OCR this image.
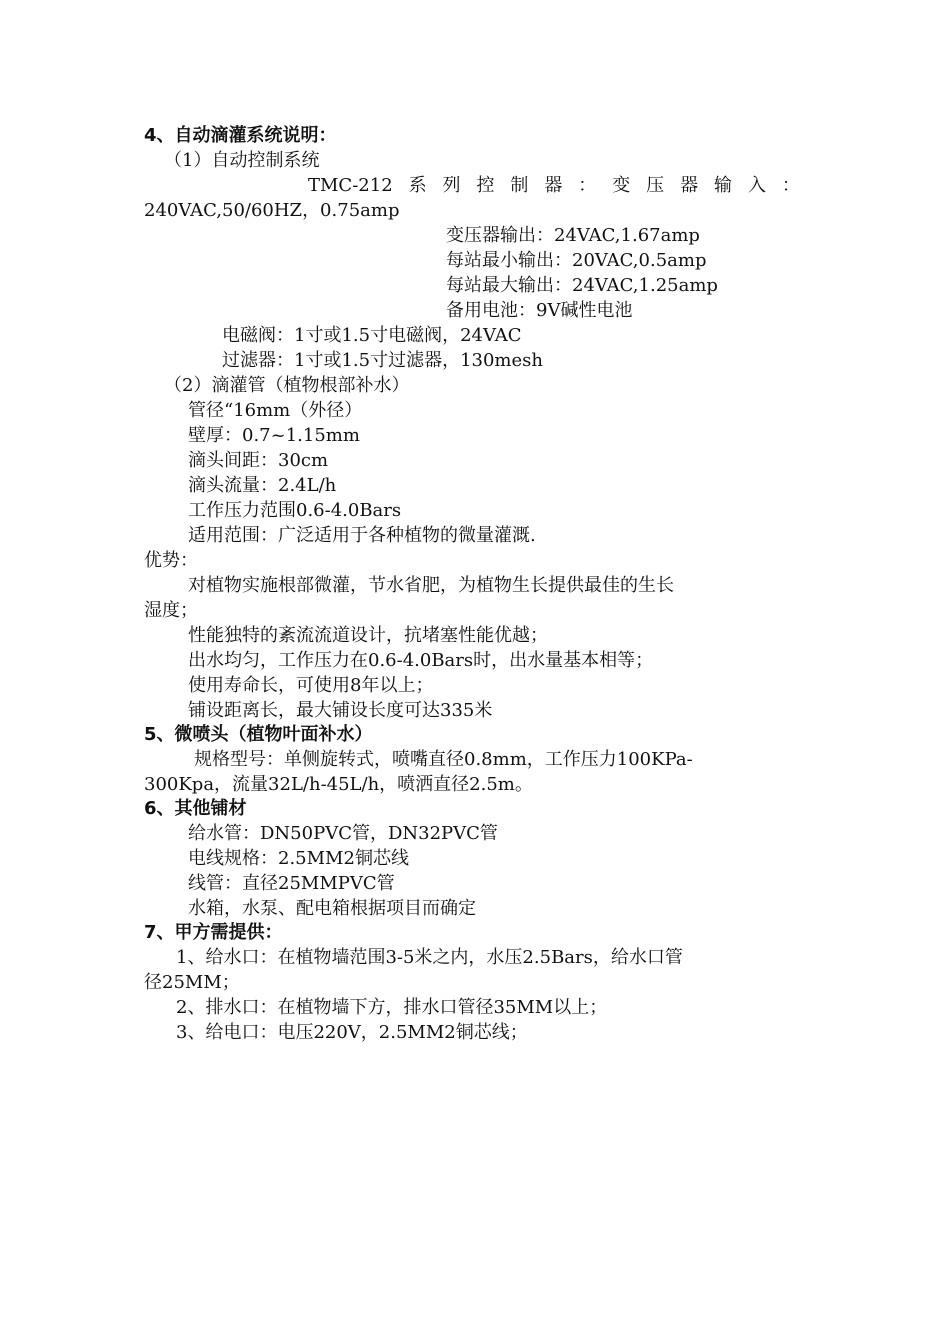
4、自动滴灌系统说明：
（1）自动控制系统
TMC-212 系 列 控 制 器 ： 变 压 器 输 入 ：
240VAC,50/60HZ，0.75amp
变压器输出：24VAC,1.67amp
每站最小输出：20VAC,0.5amp
每站最大输出：24VAC,1.25amp
备用电池：9V碱性电池
电磁阀：1寸或1.5寸电磁阀，24VAC
过滤器：1寸或1.5寸过滤器，130mesh
（2）滴灌管（植物根部补水）
管径“16mm（外径）
壁厚：0.7~1.15mm
滴头间距：30cm
滴头流量：2.4L/h
工作压力范围0.6-4.0Bars
适用范围：广泛适用于各种植物的微量灌溉.
优势：
对植物实施根部微灌，节水省肥，为植物生长提供最佳的生长
湿度；
性能独特的紊流流道设计，抗堵塞性能优越；
出水均匀，工作压力在0.6-4.0Bars时，出水量基本相等；
使用寿命长，可使用8年以上；
铺设距离长，最大铺设长度可达335米
5、微喷头（植物叶面补水）
规格型号：单侧旋转式，喷嘴直径0.8mm，工作压力100KPa-
300Kpa，流量32L/h-45L/h，喷洒直径2.5m。
6、其他铺材
给水管：DN50PVC管，DN32PVC管
电线规格：2.5MM2铜芯线
线管：直径25MMPVC管
水箱，水泵、配电箱根据项目而确定
7、甲方需提供：
1、给水口：在植物墙范围3-5米之内，水压2.5Bars，给水口管
径25MM；
2、排水口：在植物墙下方，排水口管径35MM以上；
3、给电口：电压220V，2.5MM2铜芯线；
